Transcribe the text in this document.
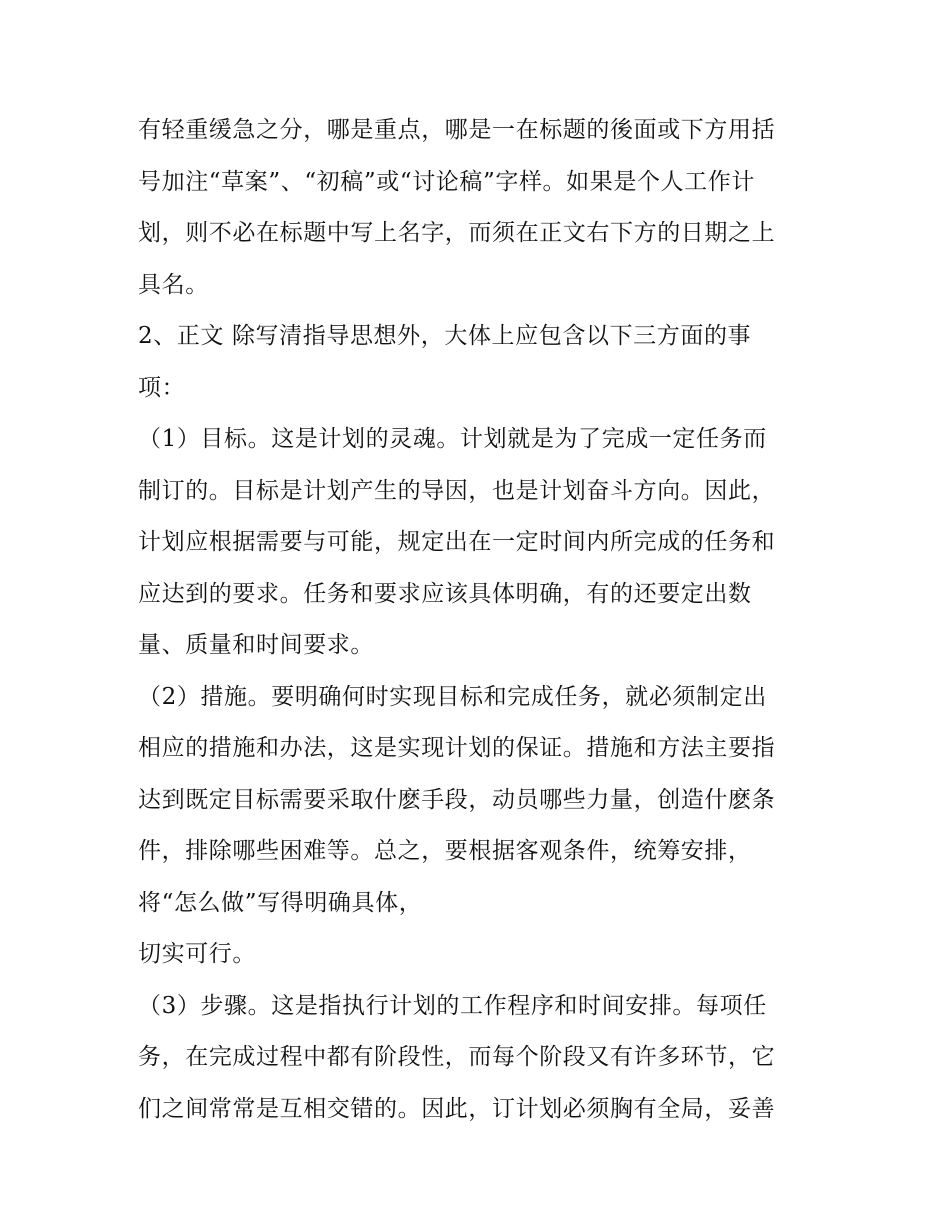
有轻重缓急之分，哪是重点，哪是一在标题的後面或下方用括
号加注“草案”、“初稿”或“讨论稿”字样。如果是个人工作计
划，则不必在标题中写上名字，而须在正文右下方的日期之上
具名。
2、正文 除写清指导思想外，大体上应包含以下三方面的事
项：
（1）目标。这是计划的灵魂。计划就是为了完成一定任务而
制订的。目标是计划产生的导因，也是计划奋斗方向。因此，
计划应根据需要与可能，规定出在一定时间内所完成的任务和
应达到的要求。任务和要求应该具体明确，有的还要定出数
量、质量和时间要求。
（2）措施。要明确何时实现目标和完成任务，就必须制定出
相应的措施和办法，这是实现计划的保证。措施和方法主要指
达到既定目标需要采取什麽手段，动员哪些力量，创造什麽条
件，排除哪些困难等。总之，要根据客观条件，统筹安排，
将“怎么做”写得明确具体，
切实可行。
（3）步骤。这是指执行计划的工作程序和时间安排。每项任
务，在完成过程中都有阶段性，而每个阶段又有许多环节，它
们之间常常是互相交错的。因此，订计划必须胸有全局，妥善
